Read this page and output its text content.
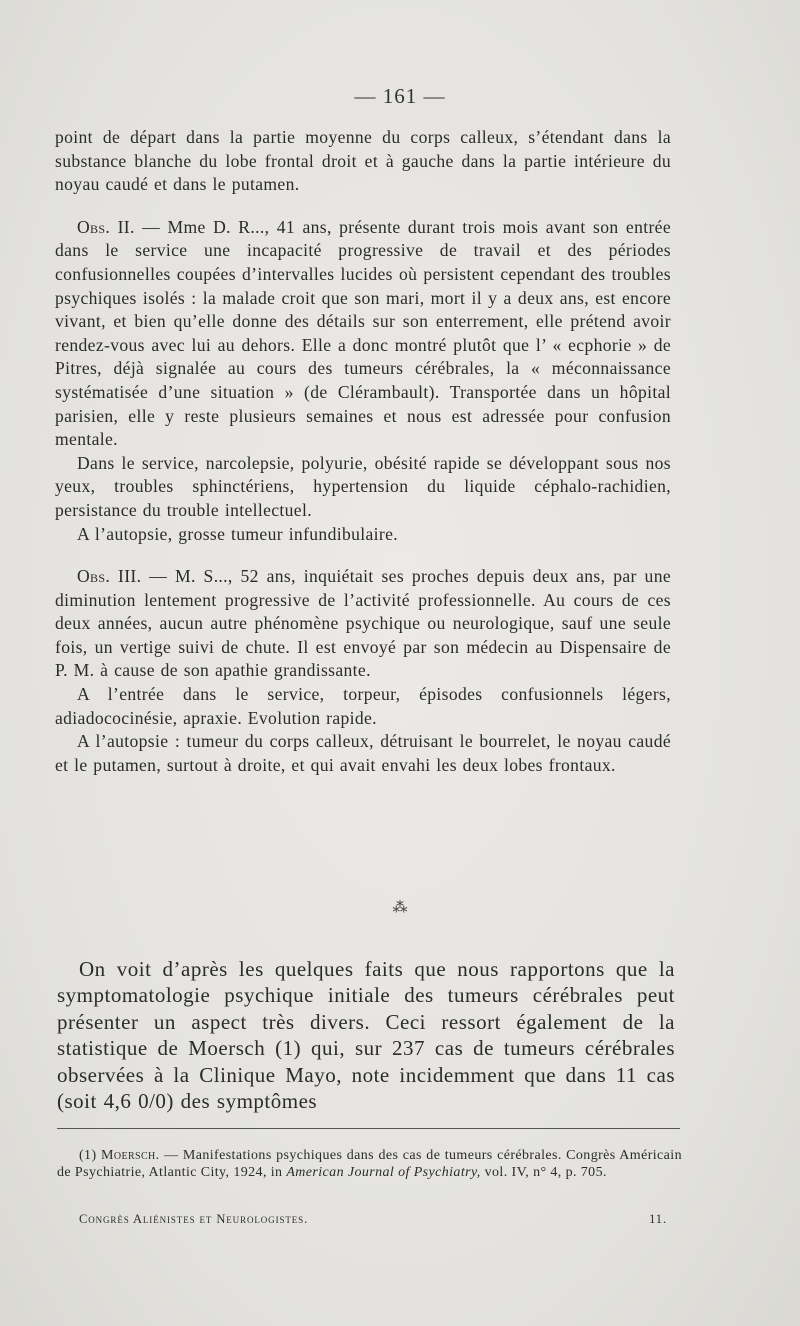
— 161 —

point de départ dans la partie moyenne du corps calleux, s’étendant dans la substance blanche du lobe frontal droit et à gauche dans la partie intérieure du noyau caudé et dans le putamen.

Obs. II. — Mme D. R..., 41 ans, présente durant trois mois avant son entrée dans le service une incapacité progressive de travail et des périodes confusionnelles coupées d’intervalles lucides où persistent cependant des troubles psychiques isolés : la malade croit que son mari, mort il y a deux ans, est encore vivant, et bien qu’elle donne des détails sur son enterrement, elle prétend avoir rendez-vous avec lui au dehors. Elle a donc montré plutôt que l’ « ecphorie » de Pitres, déjà signalée au cours des tumeurs cérébrales, la « méconnaissance systématisée d’une situation » (de Clérambault). Transportée dans un hôpital parisien, elle y reste plusieurs semaines et nous est adressée pour confusion mentale.

Dans le service, narcolepsie, polyurie, obésité rapide se développant sous nos yeux, troubles sphinctériens, hypertension du liquide céphalo-rachidien, persistance du trouble intellectuel.

A l’autopsie, grosse tumeur infundibulaire.

Obs. III. — M. S..., 52 ans, inquiétait ses proches depuis deux ans, par une diminution lentement progressive de l’activité professionnelle. Au cours de ces deux années, aucun autre phénomène psychique ou neurologique, sauf une seule fois, un vertige suivi de chute. Il est envoyé par son médecin au Dispensaire de P. M. à cause de son apathie grandissante.

A l’entrée dans le service, torpeur, épisodes confusionnels légers, adiadococinésie, apraxie. Evolution rapide.

A l’autopsie : tumeur du corps calleux, détruisant le bourrelet, le noyau caudé et le putamen, surtout à droite, et qui avait envahi les deux lobes frontaux.

⁂

On voit d’après les quelques faits que nous rapportons que la symptomatologie psychique initiale des tumeurs cérébrales peut présenter un aspect très divers. Ceci ressort également de la statistique de Moersch (1) qui, sur 237 cas de tumeurs cérébrales observées à la Clinique Mayo, note incidemment que dans 11 cas (soit 4,6 0/0) des symptômes

(1) Moersch. — Manifestations psychiques dans des cas de tumeurs cérébrales. Congrès Américain de Psychiatrie, Atlantic City, 1924, in American Journal of Psychiatry, vol. IV, n° 4, p. 705.

Congrès Aliénistes et Neurologistes.	11.
